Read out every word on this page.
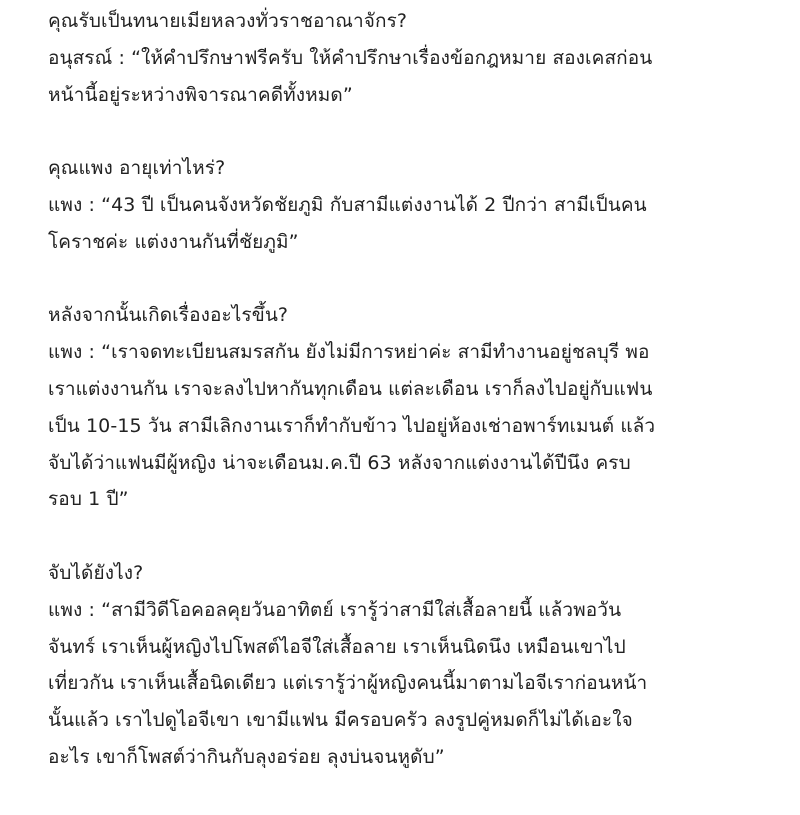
คุณรับเป็นทนายเมียหลวงทั่วราชอาณาจักร?
อนุสรณ์ : “ให้คำปรึกษาฟรีครับ ให้คำปรึกษาเรื่องข้อกฎหมาย สองเคสก่อน
หน้านี้อยู่ระหว่างพิจารณาคดีทั้งหมด”
คุณแพง อายุเท่าไหร่?
แพง : “43 ปี เป็นคนจังหวัดชัยภูมิ กับสามีแต่งงานได้ 2 ปีกว่า สามีเป็นคน
โคราชค่ะ แต่งงานกันที่ชัยภูมิ”
หลังจากนั้นเกิดเรื่องอะไรขึ้น?
แพง : “เราจดทะเบียนสมรสกัน ยังไม่มีการหย่าค่ะ สามีทำงานอยู่ชลบุรี พอ
เราแต่งงานกัน เราจะลงไปหากันทุกเดือน แต่ละเดือน เราก็ลงไปอยู่กับแฟน
เป็น 10-15 วัน สามีเลิกงานเราก็ทำกับข้าว ไปอยู่ห้องเช่าอพาร์ทเมนต์ แล้ว
จับได้ว่าแฟนมีผู้หญิง น่าจะเดือนม.ค.ปี 63 หลังจากแต่งงานได้ปีนึง ครบ
รอบ 1 ปี”
จับได้ยังไง?
แพง : “สามีวิดีโอคอลคุยวันอาทิตย์ เรารู้ว่าสามีใส่เสื้อลายนี้ แล้วพอวัน
จันทร์ เราเห็นผู้หญิงไปโพสต์ไอจีใส่เสื้อลาย เราเห็นนิดนึง เหมือนเขาไป
เที่ยวกัน เราเห็นเสื้อนิดเดียว แต่เรารู้ว่าผู้หญิงคนนี้มาตามไอจีเราก่อนหน้า
นั้นแล้ว เราไปดูไอจีเขา เขามีแฟน มีครอบครัว ลงรูปคู่หมดก็ไม่ได้เอะใจ
อะไร เขาก็โพสต์ว่ากินกับลุงอร่อย ลุงบ่นจนหูดับ”
